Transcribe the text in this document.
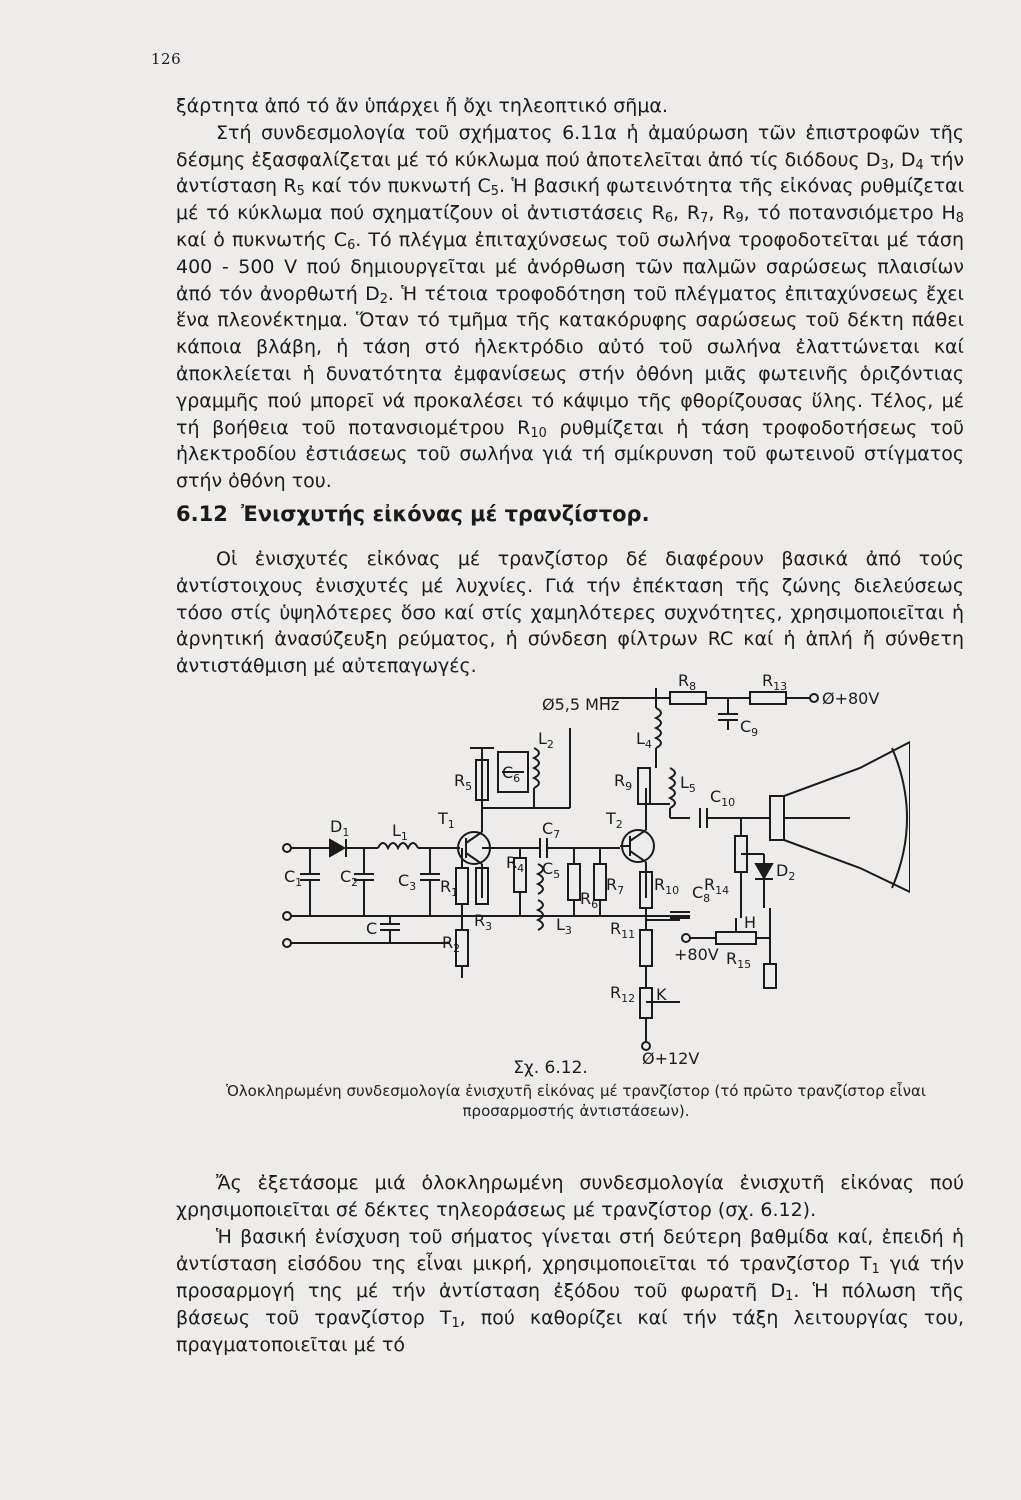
126

ξάρτητα ἀπό τό ἄν ὑπάρχει ἤ ὄχι τηλεοπτικό σῆμα.

Στή συνδεσμολογία τοῦ σχήματος 6.11α ἡ ἀμαύρωση τῶν ἐπιστροφῶν τῆς δέσμης ἐξασφαλίζεται μέ τό κύκλωμα πού ἀποτελεῖται ἀπό τίς διόδους $D_3$, $D_4$ τήν ἀντίσταση $R_5$ καί τόν πυκνωτή $C_5$. Ἡ βασική φωτεινότητα τῆς εἰκόνας ρυθμίζεται μέ τό κύκλωμα πού σχηματίζουν οἱ ἀντιστάσεις $R_6$, $R_7$, $R_9$, τό ποτανσιόμετρο $H_8$ καί ὁ πυκνωτής $C_6$. Τό πλέγμα ἐπιταχύνσεως τοῦ σωλήνα τροφοδοτεῖται μέ τάση 400 - 500 V πού δημιουργεῖται μέ ἀνόρθωση τῶν παλμῶν σαρώσεως πλαισίων ἀπό τόν ἀνορθωτή $D_2$. Ἡ τέτοια τροφοδότηση τοῦ πλέγματος ἐπιταχύνσεως ἔχει ἕνα πλεονέκτημα. Ὅταν τό τμῆμα τῆς κατακόρυφης σαρώσεως τοῦ δέκτη πάθει κάποια βλάβη, ἡ τάση στό ἠλεκτρόδιο αὐτό τοῦ σωλήνα ἐλαττώνεται καί ἀποκλείεται ἡ δυνατότητα ἐμφανίσεως στήν ὀθόνη μιᾶς φωτεινῆς ὁριζόντιας γραμμῆς πού μπορεῖ νά προκαλέσει τό κάψιμο τῆς φθορίζουσας ὕλης. Τέλος, μέ τή βοήθεια τοῦ ποτανσιομέτρου $R_{10}$ ρυθμίζεται ἡ τάση τροφοδοτήσεως τοῦ ἠλεκτροδίου ἐστιάσεως τοῦ σωλήνα γιά τή σμίκρυνση τοῦ φωτεινοῦ στίγματος στήν ὀθόνη του.

6.12 Ἐνισχυτής εἰκόνας μέ τρανζίστορ.

Οἱ ἐνισχυτές εἰκόνας μέ τρανζίστορ δέ διαφέρουν βασικά ἀπό τούς ἀντίστοιχους ἐνισχυτές μέ λυχνίες. Γιά τήν ἐπέκταση τῆς ζώνης διελεύσεως τόσο στίς ὑψηλότερες ὅσο καί στίς χαμηλότερες συχνότητες, χρησιμοποιεῖται ἡ ἀρνητική ἀνασύζευξη ρεύματος, ἡ σύνδεση φίλτρων RC καί ἡ ἁπλή ἤ σύνθετη ἀντιστάθμιση μέ αὐτεπαγωγές.

Ø5,5 MHz	Ø+80V
+80V
Ø+12V
$D_1$	$L_1$
$T_1$
$C_1$ $C_2$ $C_3$
C
$R_1$
$R_2$
$R_3$
$R_4$
$R_5$
$C_6$
$L_2$
$C_7$
$T_2$
$C_5$
$L_3$
$R_6$
$R_7$
$R_8$
$L_4$
$R_9$	$L_5$
$C_9$
$R_{13}$
$C_{10}$
$R_{10}$ $R_{14}$
$D_2$
$C_8$
$R_{11}$
H
$R_{15}$
$R_{12}$ K
Σχ. 6.12.
Ὁλοκληρωμένη συνδεσμολογία ἐνισχυτῆ εἰκόνας μέ τρανζίστορ (τό πρῶτο τρανζίστορ εἶναι προσαρμοστής ἀντιστάσεων).

Ἄς ἐξετάσομε μιά ὁλοκληρωμένη συνδεσμολογία ἐνισχυτῆ εἰκόνας πού χρησιμοποιεῖται σέ δέκτες τηλεοράσεως μέ τρανζίστορ (σχ. 6.12).

Ἡ βασική ἐνίσχυση τοῦ σήματος γίνεται στή δεύτερη βαθμίδα καί, ἐπειδή ἡ ἀντίσταση εἰσόδου της εἶναι μικρή, χρησιμοποιεῖται τό τρανζίστορ $T_1$ γιά τήν προσαρμογή της μέ τήν ἀντίσταση ἐξόδου τοῦ φωρατῆ $D_1$. Ἡ πόλωση τῆς βάσεως τοῦ τρανζίστορ $T_1$, πού καθορίζει καί τήν τάξη λειτουργίας του, πραγματοποιεῖται μέ τό
